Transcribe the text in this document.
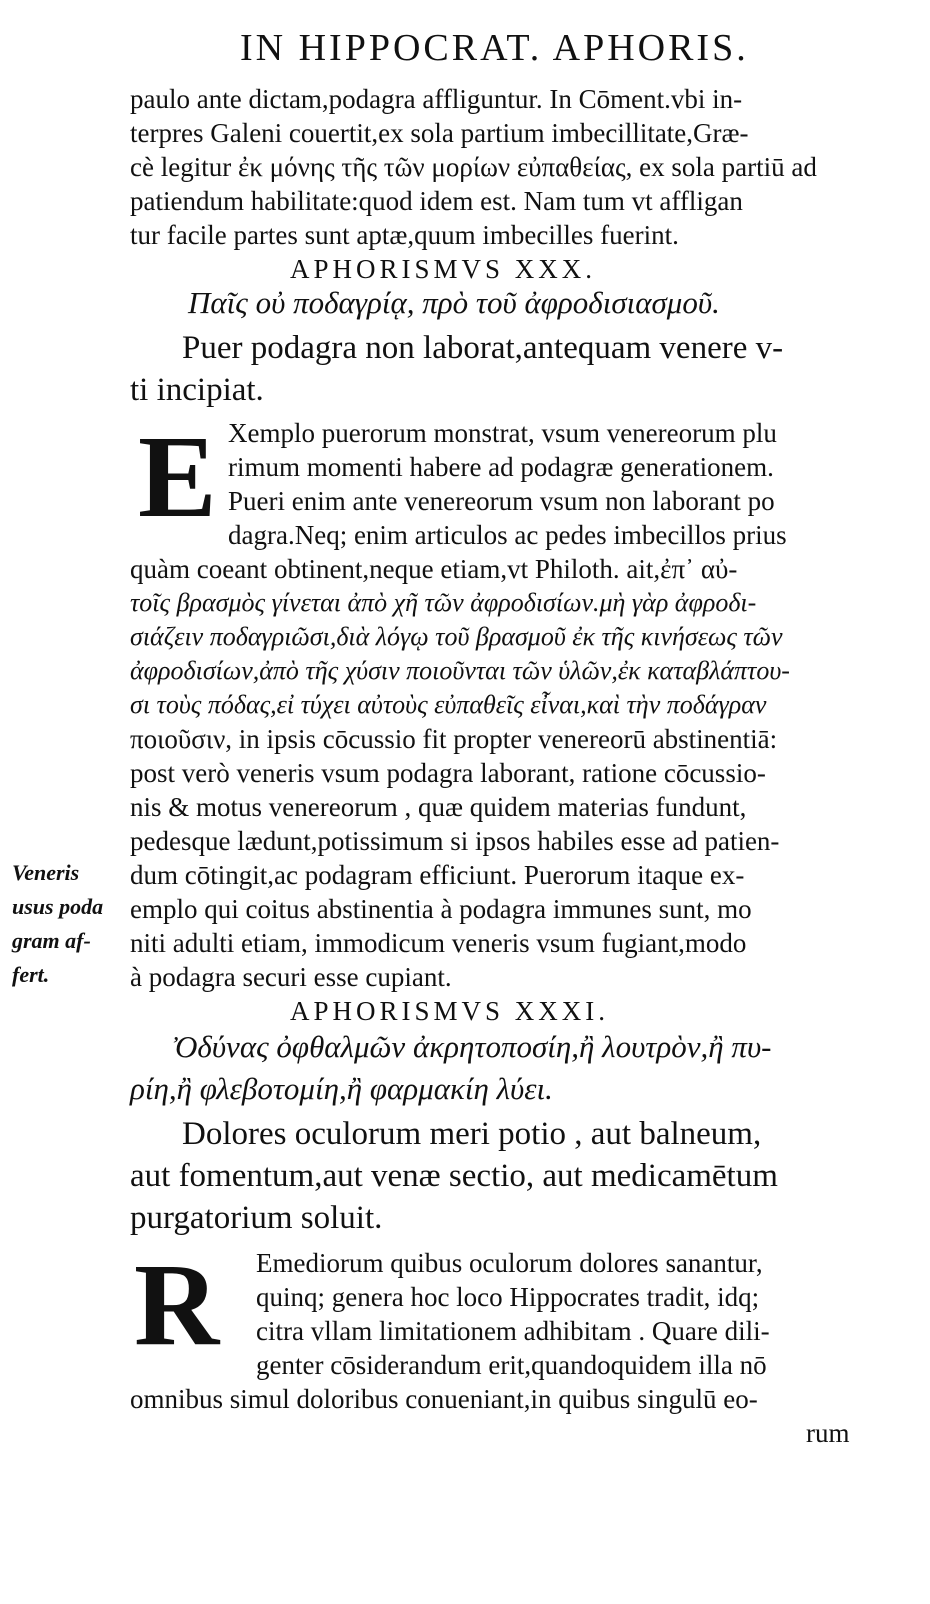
IN HIPPOCRAT. APHORIS.
paulo ante dictam,podagra affliguntur. In Cōment.vbi in-
terpres Galeni couertit,ex sola partium imbecillitate,Græ-
cè legitur ἐκ μόνης τῆς τῶν μορίων εὐπαθείας, ex sola partiū ad
patiendum habilitate:quod idem est. Nam tum vt affligan
tur facile partes sunt aptæ,quum imbecilles fuerint.
APHORISMVS XXX.
Παῖς οὐ ποδαγρίᾳ, πρὸ τοῦ ἀφροδισιασμοῦ.
Puer podagra non laborat,antequam venere v-
ti incipiat.
E Xemplo puerorum monstrat, vsum venereorum plu
rimum momenti habere ad podagræ generationem.
Pueri enim ante venereorum vsum non laborant po
dagra.Neq; enim articulos ac pedes imbecillos prius
quàm coeant obtinent,neque etiam,vt Philoth. ait,ἐπ᾽ αὐ-
τοῖς βρασμὸς γίνεται ἀπὸ χῆ τῶν ἀφροδισίων.μὴ γὰρ ἀφροδι-
σιάζειν ποδαγριῶσι,διὰ λόγῳ τοῦ βρασμοῦ ἐκ τῆς κινήσεως τῶν
ἀφροδισίων,ἀπὸ τῆς χύσιν ποιοῦνται τῶν ὑλῶν,ἐκ καταβλάπτου-
σι τοὺς πόδας,εἰ τύχει αὐτοὺς εὐπαθεῖς εἶναι,καὶ τὴν ποδάγραν
ποιοῦσιν, in ipsis cōcussio fit propter venereorū abstinentiā:
post verò veneris vsum podagra laborant, ratione cōcussio-
nis & motus venereorum , quæ quidem materias fundunt,
pedesque lædunt,potissimum si ipsos habiles esse ad patien-
dum cōtingit,ac podagram efficiunt. Puerorum itaque ex-
emplo qui coitus abstinentia à podagra immunes sunt, mo
niti adulti etiam, immodicum veneris vsum fugiant,modo
à podagra securi esse cupiant.
Veneris
usus poda
gram af-
fert.
APHORISMVS XXXI.
Ὀδύνας ὀφθαλμῶν ἀκρητοποσίη,ἢ λουτρὸν,ἢ πυ-
ρίη,ἢ φλεβοτομίη,ἢ φαρμακίη λύει.
Dolores oculorum meri potio , aut balneum,
aut fomentum,aut venæ sectio, aut medicamētum
purgatorium soluit.
R Emediorum quibus oculorum dolores sanantur,
quinq; genera hoc loco Hippocrates tradit, idq;
citra vllam limitationem adhibitam . Quare dili-
genter cōsiderandum erit,quandoquidem illa nō
omnibus simul doloribus conueniant,in quibus singulū eo-
rum
